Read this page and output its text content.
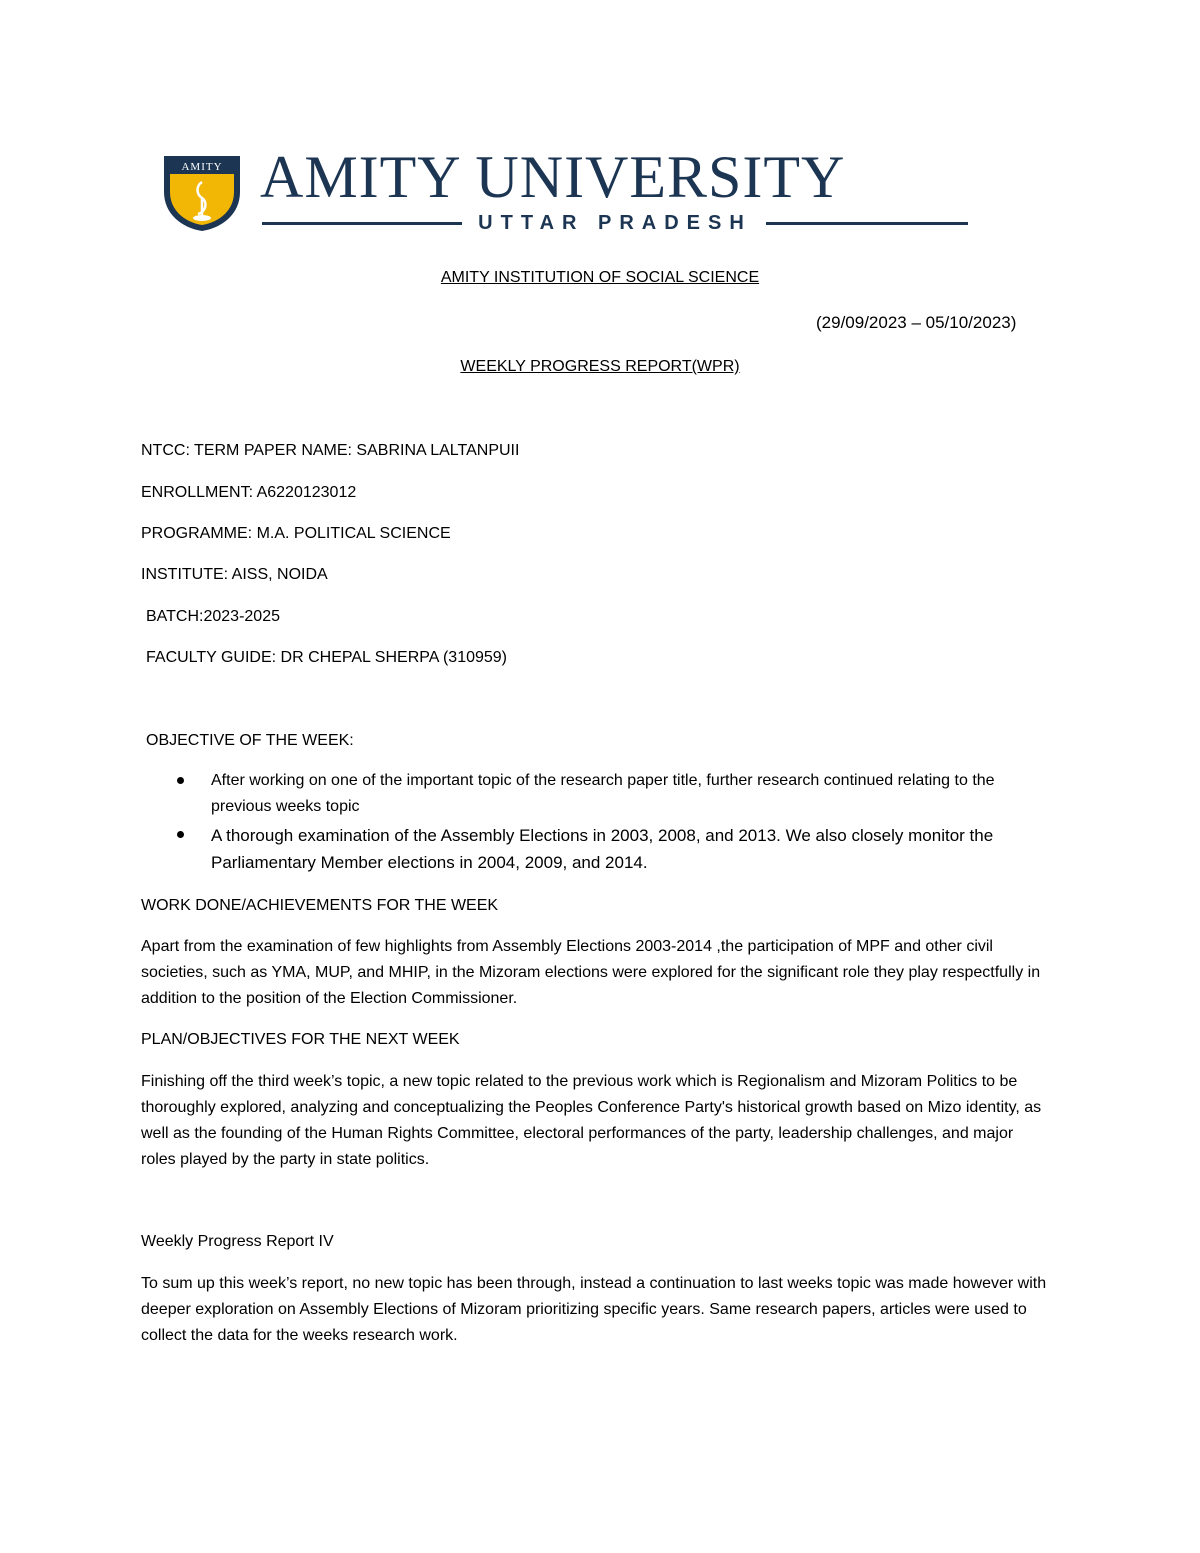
AMITY AMITY UNIVERSITY
UTTAR PRADESH
AMITY INSTITUTION OF SOCIAL SCIENCE
(29/09/2023 – 05/10/2023)
WEEKLY PROGRESS REPORT(WPR)
NTCC: TERM PAPER NAME: SABRINA LALTANPUII
ENROLLMENT: A6220123012
PROGRAMME: M.A. POLITICAL SCIENCE
INSTITUTE: AISS, NOIDA
BATCH:2023-2025
FACULTY GUIDE: DR CHEPAL SHERPA (310959)
OBJECTIVE OF THE WEEK:
After working on one of the important topic of the research paper title, further research continued relating to the previous weeks topic
A thorough examination of the Assembly Elections in 2003, 2008, and 2013. We also closely monitor the Parliamentary Member elections in 2004, 2009, and 2014.
WORK DONE/ACHIEVEMENTS FOR THE WEEK
Apart from the examination of few highlights from Assembly Elections 2003-2014 ,the participation of MPF and other civil societies, such as YMA, MUP, and MHIP, in the Mizoram elections were explored for the significant role they play respectfully in addition to the position of the Election Commissioner.
PLAN/OBJECTIVES FOR THE NEXT WEEK
Finishing off the third week’s topic, a new topic related to the previous work which is Regionalism and Mizoram Politics to be thoroughly explored, analyzing and conceptualizing the Peoples Conference Party's historical growth based on Mizo identity, as well as the founding of the Human Rights Committee, electoral performances of the party, leadership challenges, and major roles played by the party in state politics.
Weekly Progress Report IV
To sum up this week’s report, no new topic has been through, instead a continuation to last weeks topic was made however with deeper exploration on Assembly Elections of Mizoram prioritizing specific years. Same research papers, articles were used to collect the data for the weeks research work.
